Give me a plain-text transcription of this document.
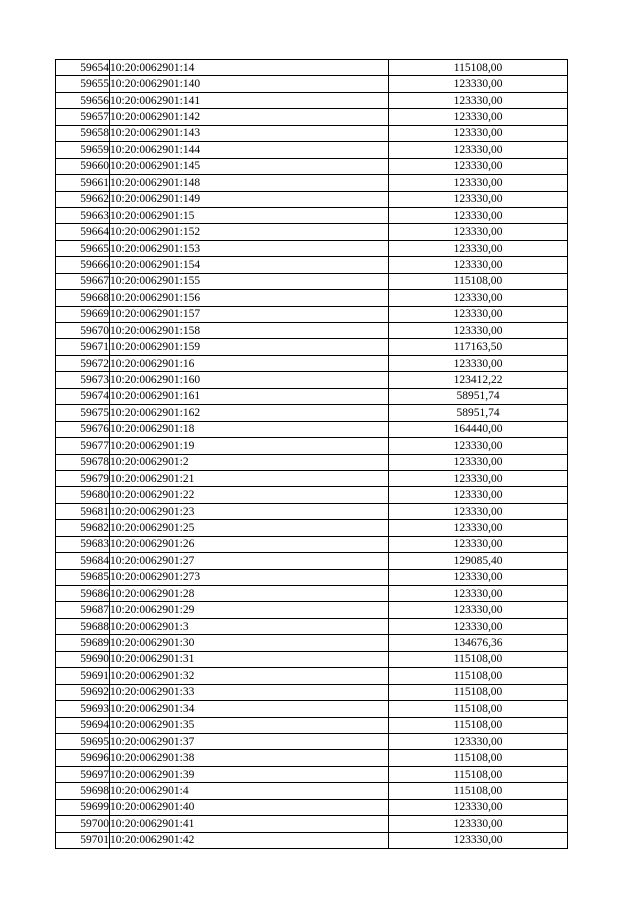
59654	10:20:0062901:14	115108,00
59655	10:20:0062901:140	123330,00
59656	10:20:0062901:141	123330,00
59657	10:20:0062901:142	123330,00
59658	10:20:0062901:143	123330,00
59659	10:20:0062901:144	123330,00
59660	10:20:0062901:145	123330,00
59661	10:20:0062901:148	123330,00
59662	10:20:0062901:149	123330,00
59663	10:20:0062901:15	123330,00
59664	10:20:0062901:152	123330,00
59665	10:20:0062901:153	123330,00
59666	10:20:0062901:154	123330,00
59667	10:20:0062901:155	115108,00
59668	10:20:0062901:156	123330,00
59669	10:20:0062901:157	123330,00
59670	10:20:0062901:158	123330,00
59671	10:20:0062901:159	117163,50
59672	10:20:0062901:16	123330,00
59673	10:20:0062901:160	123412,22
59674	10:20:0062901:161	58951,74
59675	10:20:0062901:162	58951,74
59676	10:20:0062901:18	164440,00
59677	10:20:0062901:19	123330,00
59678	10:20:0062901:2	123330,00
59679	10:20:0062901:21	123330,00
59680	10:20:0062901:22	123330,00
59681	10:20:0062901:23	123330,00
59682	10:20:0062901:25	123330,00
59683	10:20:0062901:26	123330,00
59684	10:20:0062901:27	129085,40
59685	10:20:0062901:273	123330,00
59686	10:20:0062901:28	123330,00
59687	10:20:0062901:29	123330,00
59688	10:20:0062901:3	123330,00
59689	10:20:0062901:30	134676,36
59690	10:20:0062901:31	115108,00
59691	10:20:0062901:32	115108,00
59692	10:20:0062901:33	115108,00
59693	10:20:0062901:34	115108,00
59694	10:20:0062901:35	115108,00
59695	10:20:0062901:37	123330,00
59696	10:20:0062901:38	115108,00
59697	10:20:0062901:39	115108,00
59698	10:20:0062901:4	115108,00
59699	10:20:0062901:40	123330,00
59700	10:20:0062901:41	123330,00
59701	10:20:0062901:42	123330,00
